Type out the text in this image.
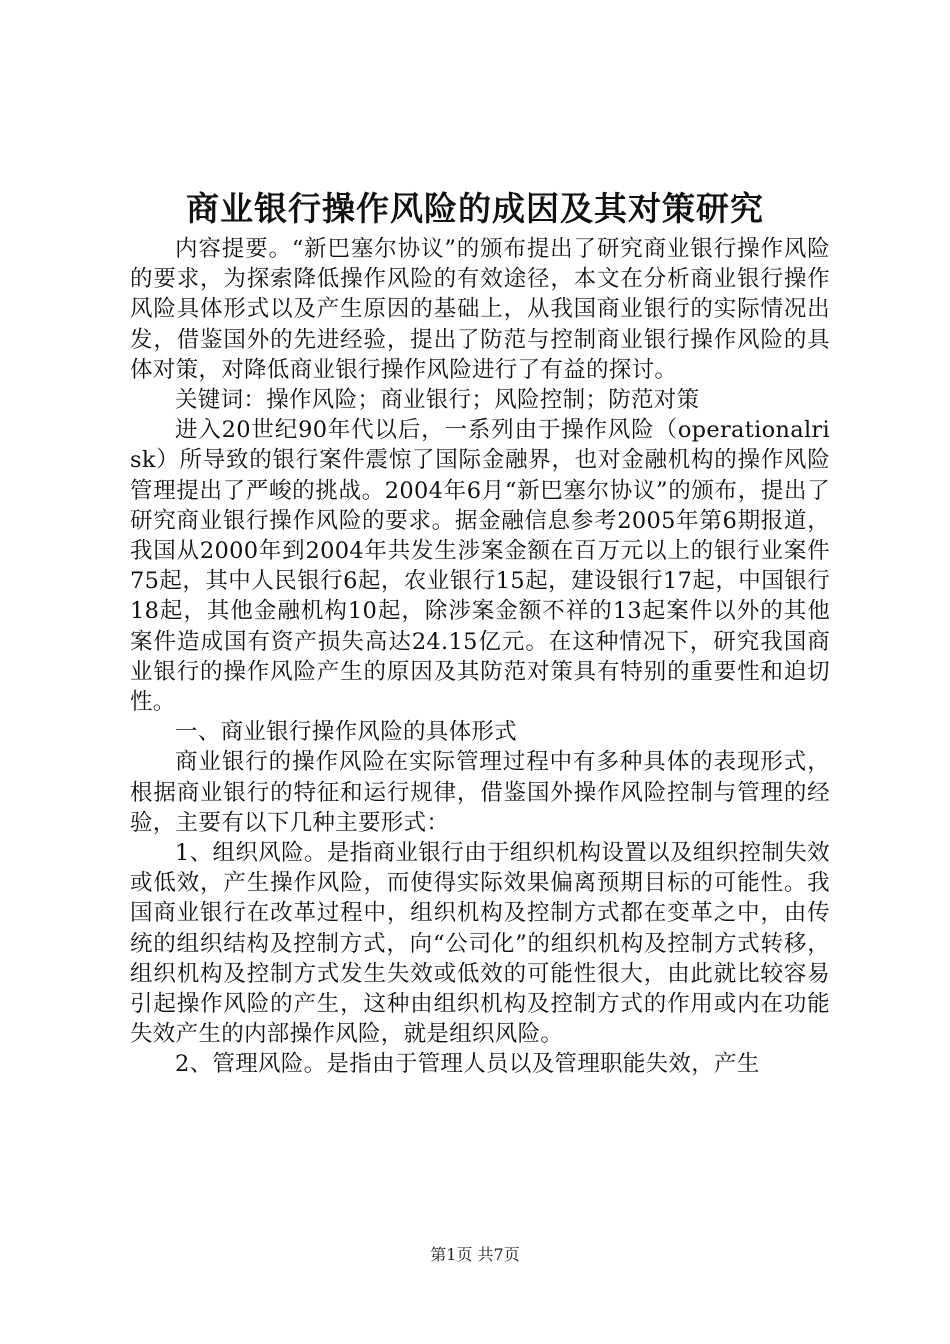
商业银行操作风险的成因及其对策研究

内容提要。“新巴塞尔协议”的颁布提出了研究商业银行操作风险的要求，为探索降低操作风险的有效途径，本文在分析商业银行操作风险具体形式以及产生原因的基础上，从我国商业银行的实际情况出发，借鉴国外的先进经验，提出了防范与控制商业银行操作风险的具体对策，对降低商业银行操作风险进行了有益的探讨。

关键词：操作风险；商业银行；风险控制；防范对策

进入20世纪90年代以后，一系列由于操作风险（operationalrisk）所导致的银行案件震惊了国际金融界，也对金融机构的操作风险管理提出了严峻的挑战。2004年6月“新巴塞尔协议”的颁布，提出了研究商业银行操作风险的要求。据金融信息参考2005年第6期报道，我国从2000年到2004年共发生涉案金额在百万元以上的银行业案件75起，其中人民银行6起，农业银行15起，建设银行17起，中国银行18起，其他金融机构10起，除涉案金额不祥的13起案件以外的其他案件造成国有资产损失高达24.15亿元。在这种情况下，研究我国商业银行的操作风险产生的原因及其防范对策具有特别的重要性和迫切性。

一、商业银行操作风险的具体形式

商业银行的操作风险在实际管理过程中有多种具体的表现形式，根据商业银行的特征和运行规律，借鉴国外操作风险控制与管理的经验，主要有以下几种主要形式：

1、组织风险。是指商业银行由于组织机构设置以及组织控制失效或低效，产生操作风险，而使得实际效果偏离预期目标的可能性。我国商业银行在改革过程中，组织机构及控制方式都在变革之中，由传统的组织结构及控制方式，向“公司化”的组织机构及控制方式转移，组织机构及控制方式发生失效或低效的可能性很大，由此就比较容易引起操作风险的产生，这种由组织机构及控制方式的作用或内在功能失效产生的内部操作风险，就是组织风险。

2、管理风险。是指由于管理人员以及管理职能失效，产生

第1页 共7页
